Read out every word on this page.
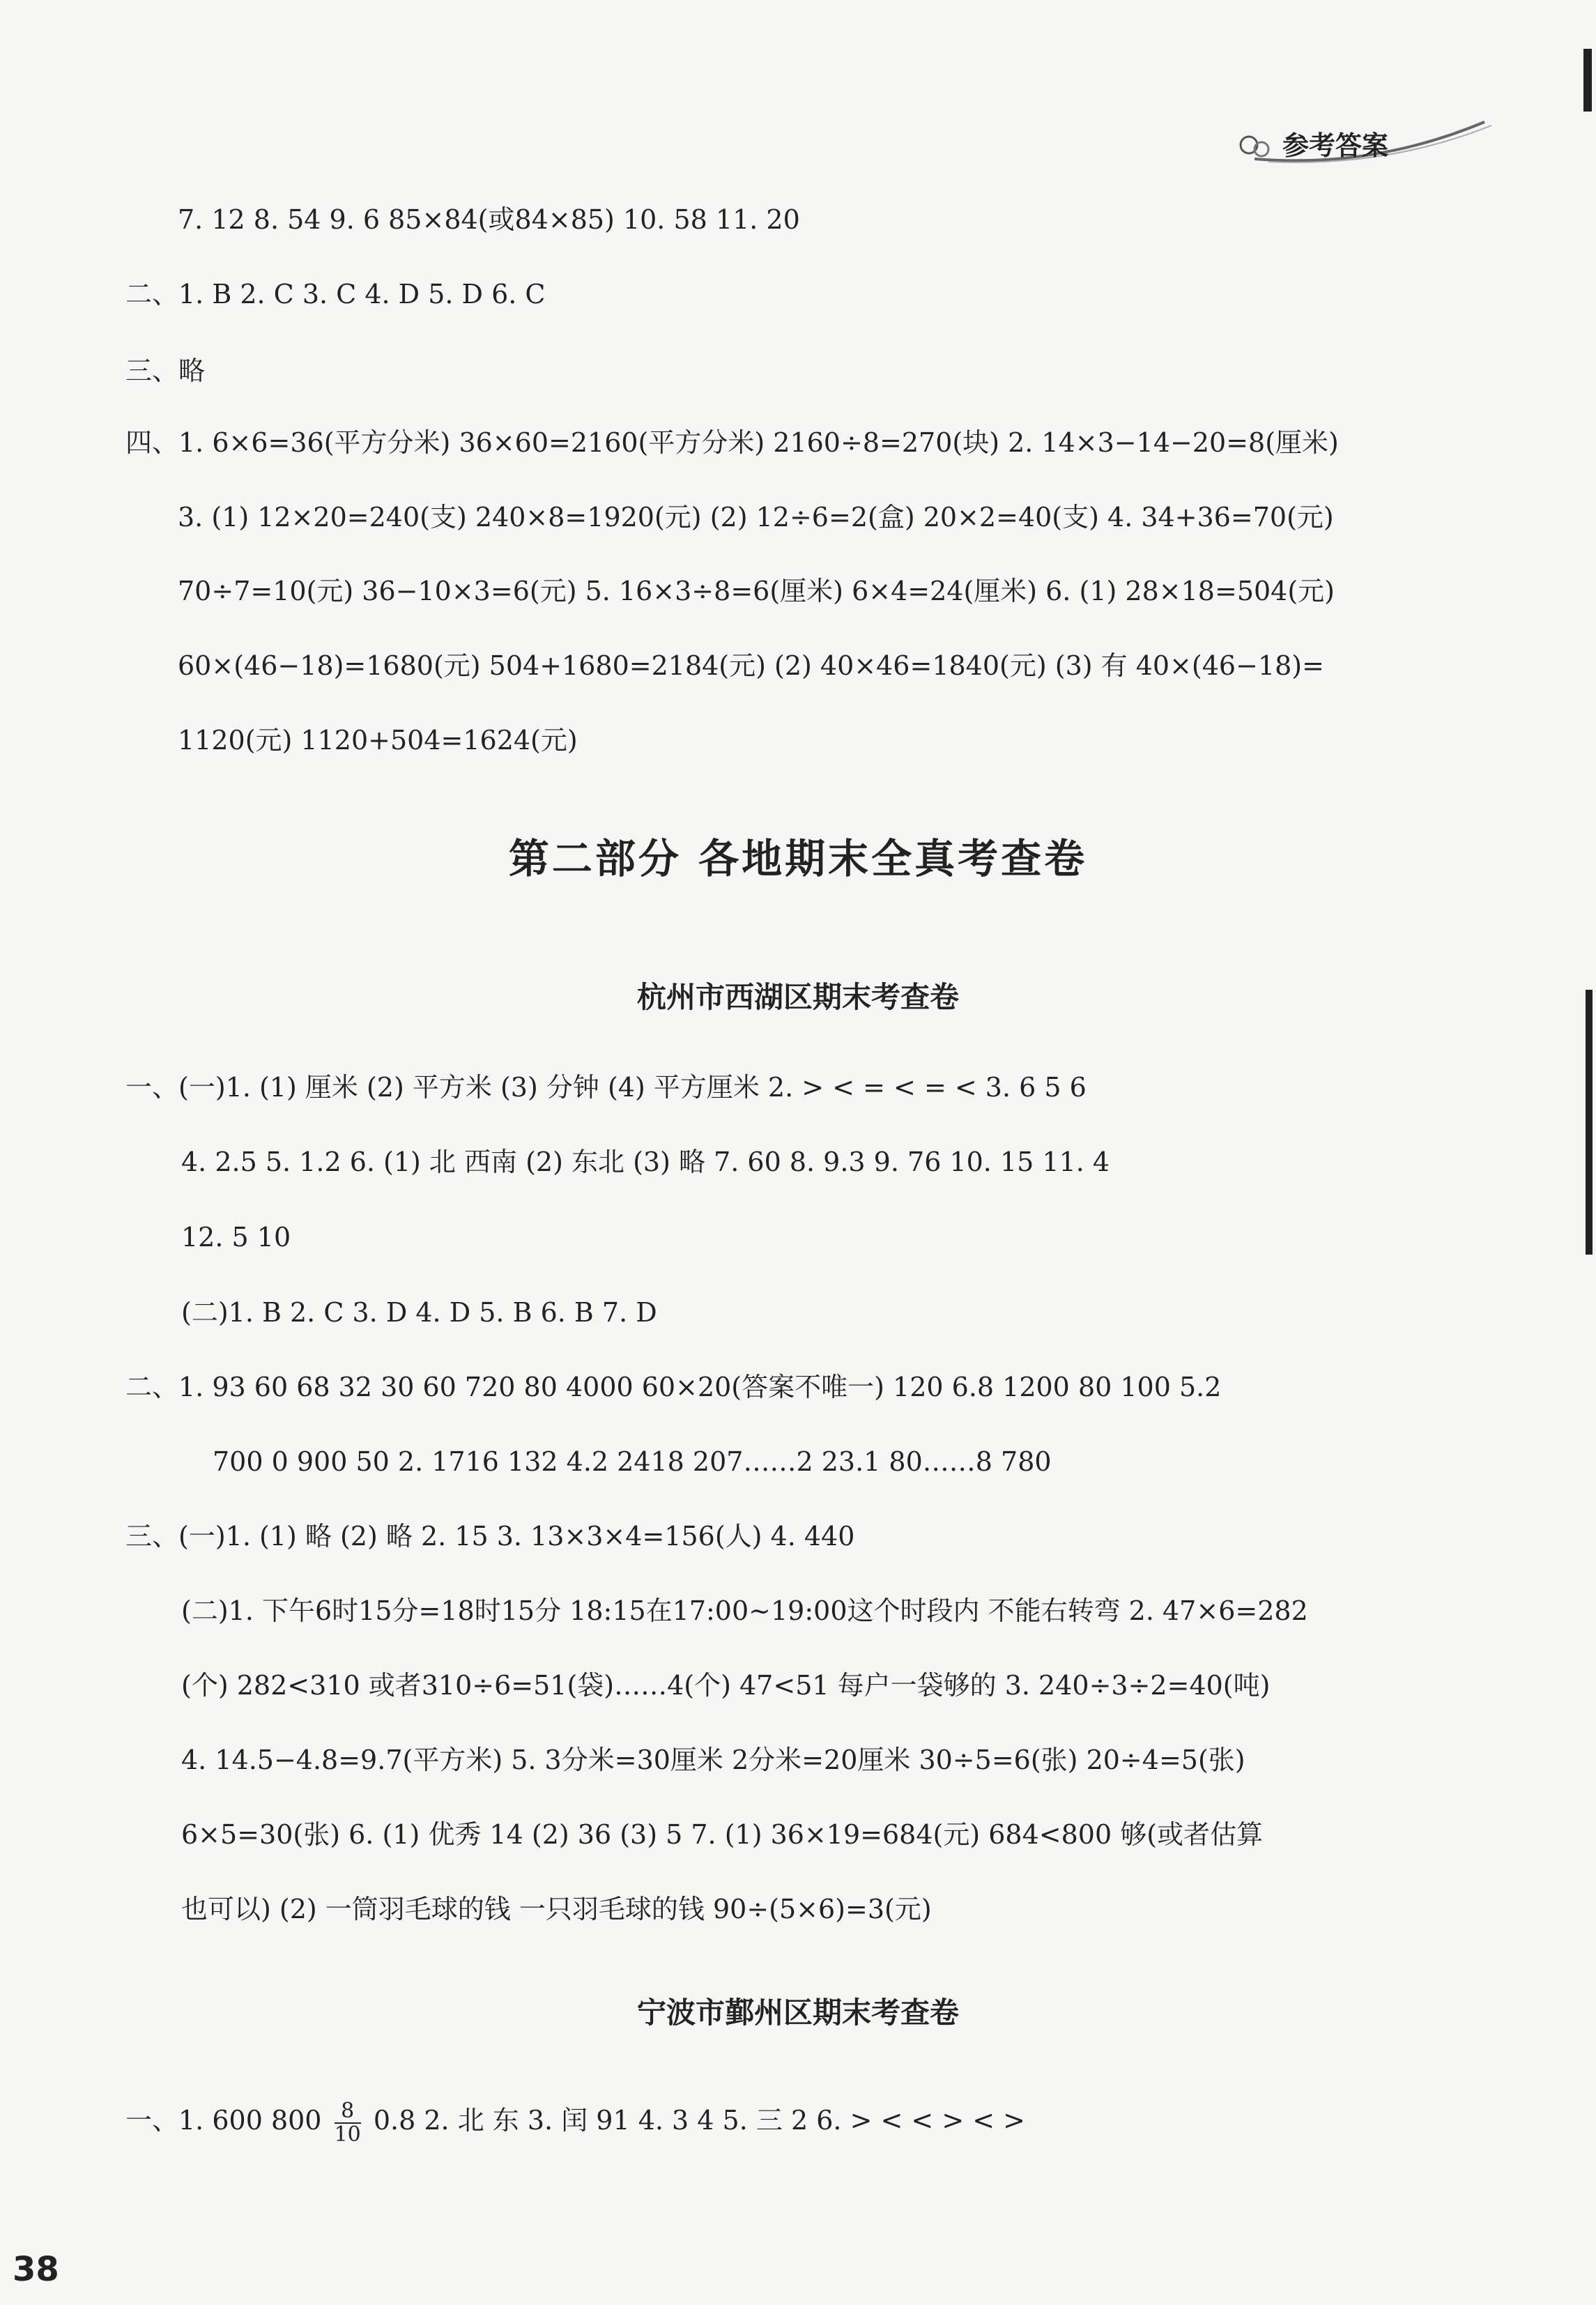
参考答案
7. 12 8. 54 9. 6 85×84(或84×85) 10. 58 11. 20
二、1. B 2. C 3. C 4. D 5. D 6. C
三、略
四、1. 6×6=36(平方分米) 36×60=2160(平方分米) 2160÷8=270(块) 2. 14×3−14−20=8(厘米)
3. (1) 12×20=240(支) 240×8=1920(元) (2) 12÷6=2(盒) 20×2=40(支) 4. 34+36=70(元)
70÷7=10(元) 36−10×3=6(元) 5. 16×3÷8=6(厘米) 6×4=24(厘米) 6. (1) 28×18=504(元)
60×(46−18)=1680(元) 504+1680=2184(元) (2) 40×46=1840(元) (3) 有 40×(46−18)=
1120(元) 1120+504=1624(元)
一、(一)1. (1) 厘米 (2) 平方米 (3) 分钟 (4) 平方厘米 2. > < = < = < 3. 6 5 6
4. 2.5 5. 1.2 6. (1) 北 西南 (2) 东北 (3) 略 7. 60 8. 9.3 9. 76 10. 15 11. 4
12. 5 10
(二)1. B 2. C 3. D 4. D 5. B 6. B 7. D
二、1. 93 60 68 32 30 60 720 80 4000 60×20(答案不唯一) 120 6.8 1200 80 100 5.2
700 0 900 50 2. 1716 132 4.2 2418 207……2 23.1 80……8 780
三、(一)1. (1) 略 (2) 略 2. 15 3. 13×3×4=156(人) 4. 440
(二)1. 下午6时15分=18时15分 18:15在17:00~19:00这个时段内 不能右转弯 2. 47×6=282
(个) 282<310 或者310÷6=51(袋)……4(个) 47<51 每户一袋够的 3. 240÷3÷2=40(吨)
4. 14.5−4.8=9.7(平方米) 5. 3分米=30厘米 2分米=20厘米 30÷5=6(张) 20÷4=5(张)
6×5=30(张) 6. (1) 优秀 14 (2) 36 (3) 5 7. (1) 36×19=684(元) 684<800 够(或者估算
也可以) (2) 一筒羽毛球的钱 一只羽毛球的钱 90÷(5×6)=3(元)
第二部分 各地期末全真考查卷
杭州市西湖区期末考查卷
宁波市鄞州区期末考查卷
一、1. 600 $800 \frac{8}{10} 0.8$ 2. 北 东 3. 闰 91 4. 3 4 5. 三 2 6. > < < > < >
38
